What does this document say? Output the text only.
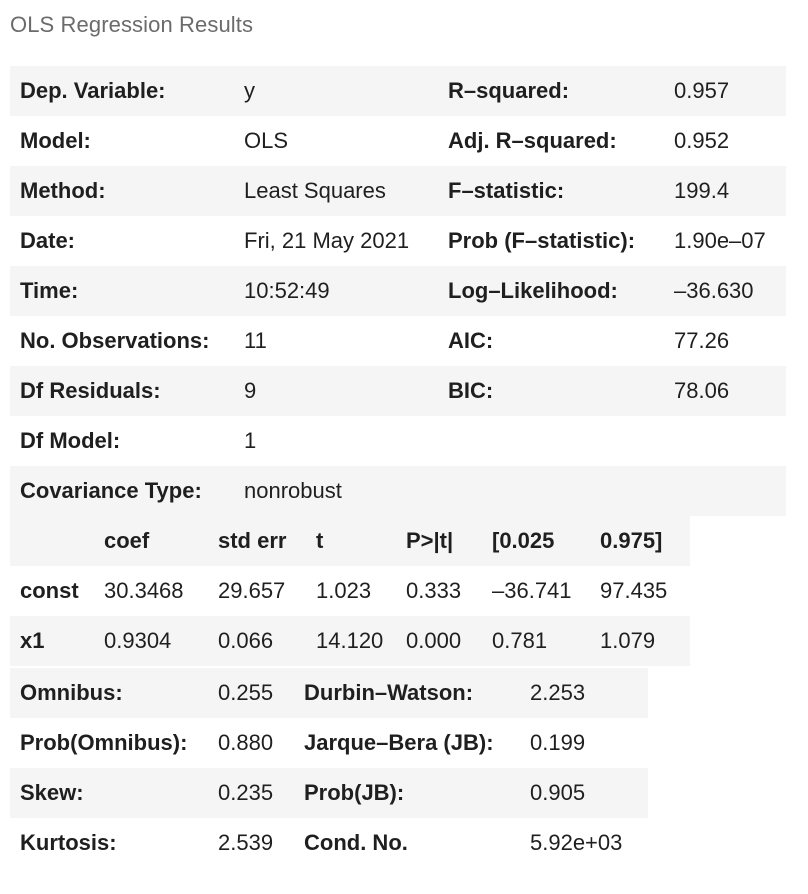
OLS Regression Results
Dep. Variable:	y	R–squared:	0.957
Model:	OLS	Adj. R–squared:	0.952
Method:	Least Squares	F–statistic:	199.4
Date:	Fri, 21 May 2021	Prob (F–statistic):	1.90e–07
Time:	10:52:49	Log–Likelihood:	–36.630
No. Observations:	11	AIC:	77.26
Df Residuals:	9	BIC:	78.06
Df Model:	1		
Covariance Type:	nonrobust		
	coef	std err	t	P>|t|	[0.025	0.975]
const	30.3468	29.657	1.023	0.333	–36.741	97.435
x1	0.9304	0.066	14.120	0.000	0.781	1.079
Omnibus:	0.255	Durbin–Watson:	2.253
Prob(Omnibus):	0.880	Jarque–Bera (JB):	0.199
Skew:	0.235	Prob(JB):	0.905
Kurtosis:	2.539	Cond. No.	5.92e+03
